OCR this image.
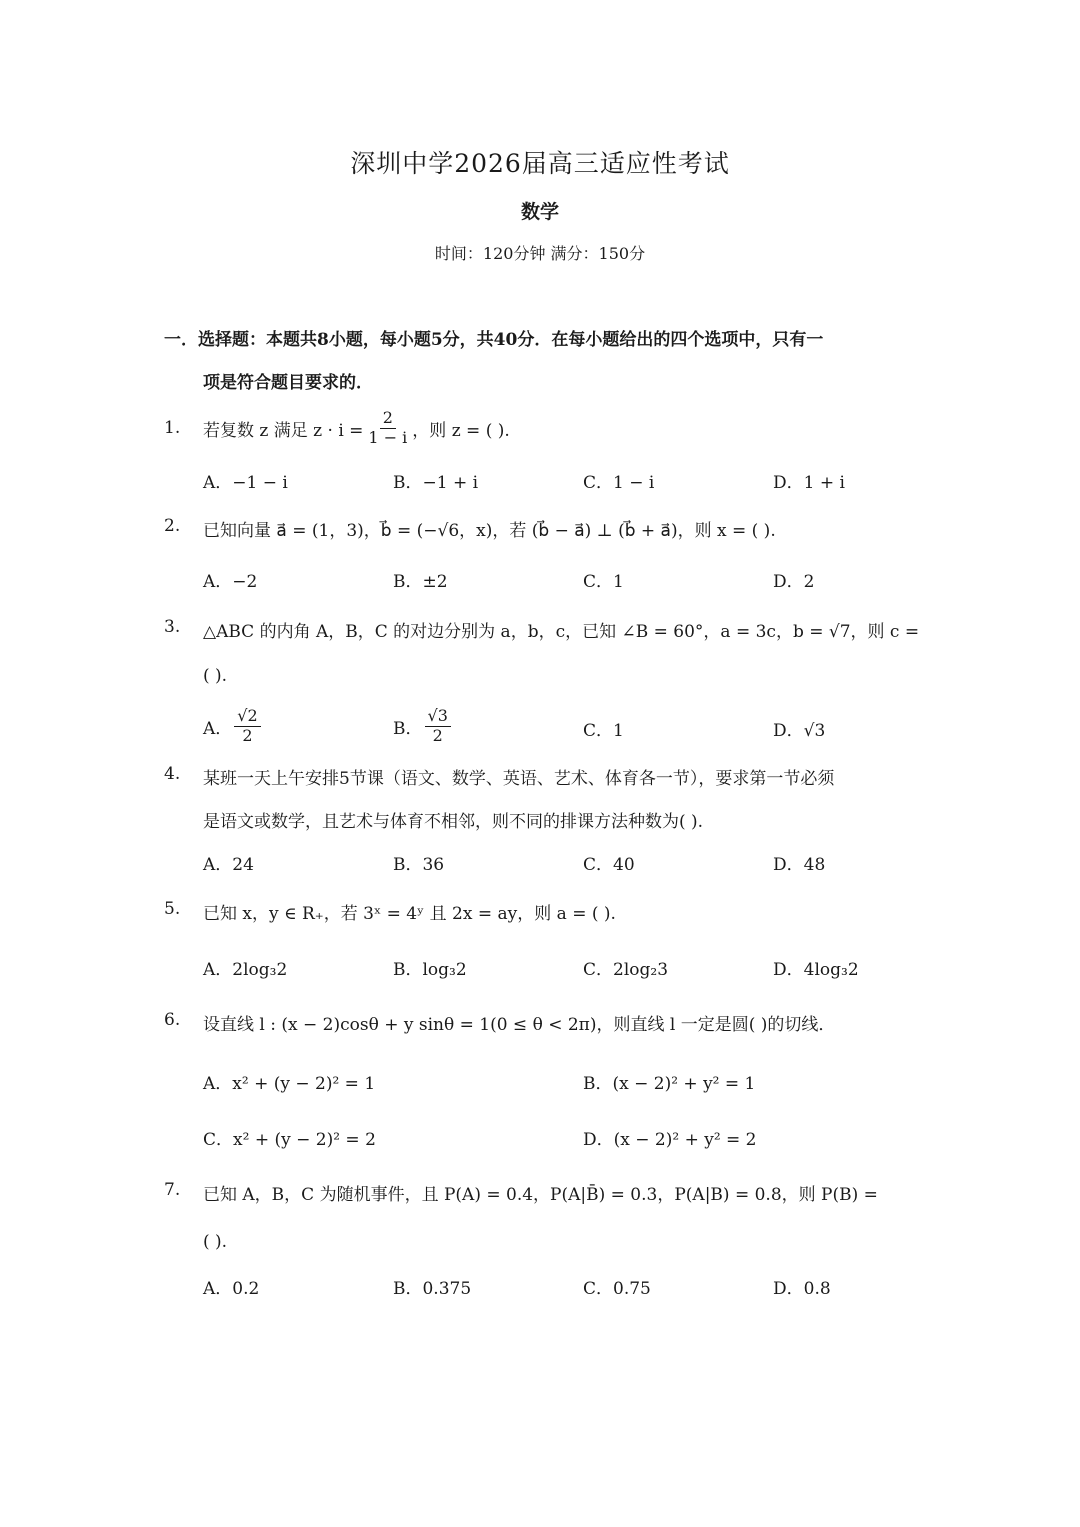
深圳中学2026届高三适应性考试
数学
时间：120分钟 满分：150分
一．选择题：本题共8小题，每小题5分，共40分．在每小题给出的四个选项中，只有一
项是符合题目要求的．
1. 若复数 z 满足 $z \cdot i = \frac{2}{1 - i}$ ，则 z = ( ).
A．−1 − i	B．−1 + i	C．1 − i	D．1 + i
2. 已知向量 a⃗ = (1，3)，b⃗ = (−√6，x)，若 (b⃗ − a⃗) ⊥ (b⃗ + a⃗)，则 x = ( ).
A．−2	B．±2	C．1	D．2
3. △ABC 的内角 A，B，C 的对边分别为 a，b，c，已知 ∠B = 60°，a = 3c，b = √7，则 c =
( ).
A． $\frac{√2}{2}$	B． $\frac{√3}{2}$	C．1	D．√3
4. 某班一天上午安排5节课（语文、数学、英语、艺术、体育各一节），要求第一节必须
是语文或数学，且艺术与体育不相邻，则不同的排课方法种数为( ).
A．24	B．36	C．40	D．48
5. 已知 x，y ∈ R₊，若 3ˣ = 4ʸ 且 2x = ay，则 a = ( ).
A．2log₃2	B．log₃2	C．2log₂3	D．4log₃2
6. 设直线 l : (x − 2)cosθ + y sinθ = 1(0 ≤ θ < 2π)，则直线 l 一定是圆( )的切线．
A．x² + (y − 2)² = 1	B．(x − 2)² + y² = 1
C．x² + (y − 2)² = 2	D．(x − 2)² + y² = 2
7. 已知 A，B，C 为随机事件，且 P(A) = 0.4，P(A|B̄) = 0.3，P(A|B) = 0.8，则 P(B) =
( ).
A．0.2	B．0.375	C．0.75	D．0.8
